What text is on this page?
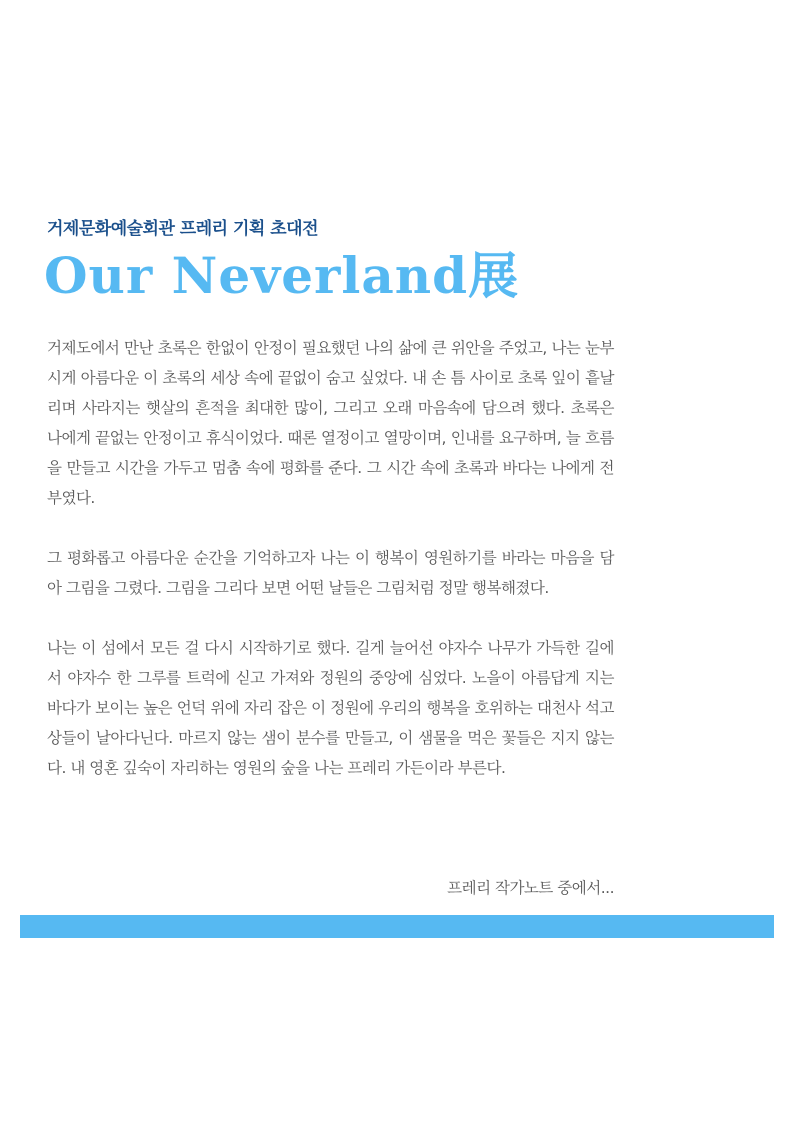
거제문화예술회관 프레리 기획 초대전
Our Neverland展

거제도에서 만난 초록은 한없이 안정이 필요했던 나의 삶에 큰 위안을 주었고, 나는 눈부시게 아름다운 이 초록의 세상 속에 끝없이 숨고 싶었다. 내 손 틈 사이로 초록 잎이 흩날리며 사라지는 햇살의 흔적을 최대한 많이, 그리고 오래 마음속에 담으려 했다. 초록은 나에게 끝없는 안정이고 휴식이었다. 때론 열정이고 열망이며, 인내를 요구하며, 늘 흐름을 만들고 시간을 가두고 멈춤 속에 평화를 준다. 그 시간 속에 초록과 바다는 나에게 전부였다.

그 평화롭고 아름다운 순간을 기억하고자 나는 이 행복이 영원하기를 바라는 마음을 담아 그림을 그렸다. 그림을 그리다 보면 어떤 날들은 그림처럼 정말 행복해졌다.

나는 이 섬에서 모든 걸 다시 시작하기로 했다. 길게 늘어선 야자수 나무가 가득한 길에서 야자수 한 그루를 트럭에 싣고 가져와 정원의 중앙에 심었다. 노을이 아름답게 지는 바다가 보이는 높은 언덕 위에 자리 잡은 이 정원에 우리의 행복을 호위하는 대천사 석고상들이 날아다닌다. 마르지 않는 샘이 분수를 만들고, 이 샘물을 먹은 꽃들은 지지 않는다. 내 영혼 깊숙이 자리하는 영원의 숲을 나는 프레리 가든이라 부른다.

프레리 작가노트 중에서...
